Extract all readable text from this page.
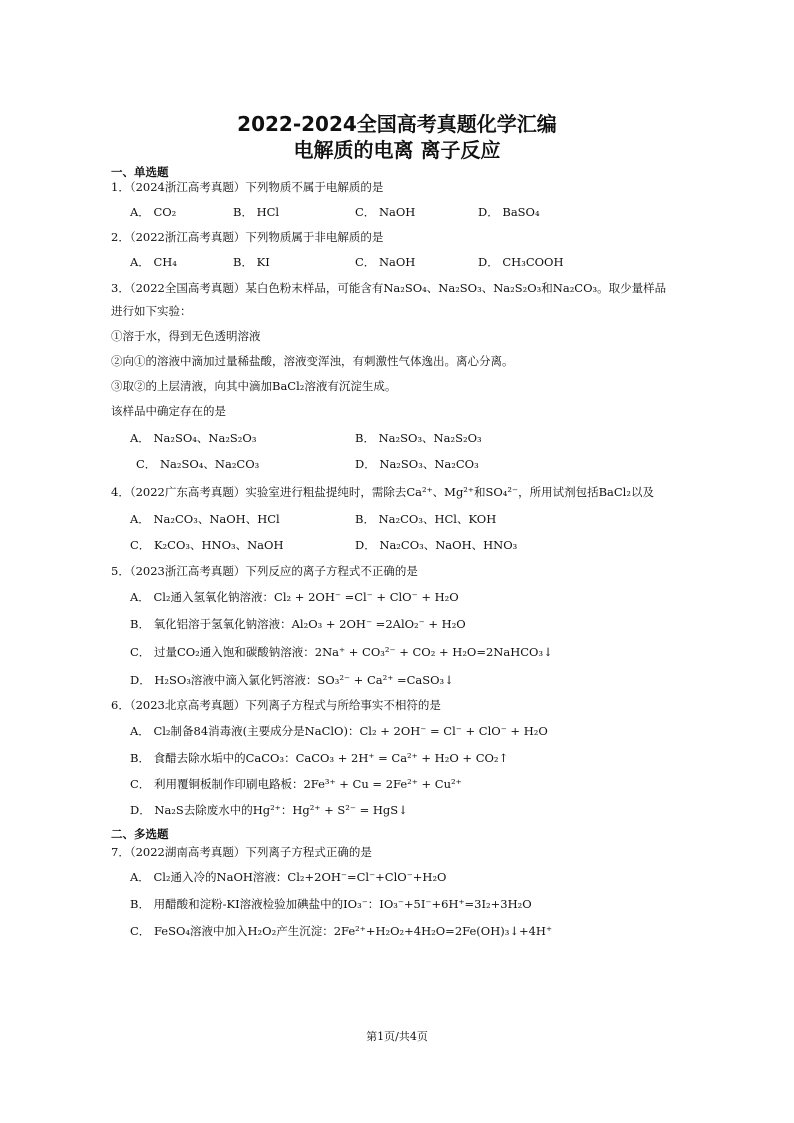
2022-2024全国高考真题化学汇编
电解质的电离 离子反应
一、单选题
1．（2024浙江高考真题）下列物质不属于电解质的是
A． CO₂	B． HCl	C． NaOH	D． BaSO₄
2．（2022浙江高考真题）下列物质属于非电解质的是
A． CH₄	B． KI	C． NaOH	D． CH₃COOH
3．（2022全国高考真题）某白色粉末样品，可能含有Na₂SO₄、Na₂SO₃、Na₂S₂O₃和Na₂CO₃。取少量样品
进行如下实验：
①溶于水，得到无色透明溶液
②向①的溶液中滴加过量稀盐酸，溶液变浑浊，有刺激性气体逸出。离心分离。
③取②的上层清液，向其中滴加BaCl₂溶液有沉淀生成。
该样品中确定存在的是
A． Na₂SO₄、Na₂S₂O₃	B． Na₂SO₃、Na₂S₂O₃
C． Na₂SO₄、Na₂CO₃	D． Na₂SO₃、Na₂CO₃
4．（2022广东高考真题）实验室进行粗盐提纯时，需除去Ca²⁺、Mg²⁺和SO₄²⁻，所用试剂包括BaCl₂以及
A． Na₂CO₃、NaOH、HCl	B． Na₂CO₃、HCl、KOH
C． K₂CO₃、HNO₃、NaOH	D． Na₂CO₃、NaOH、HNO₃
5．（2023浙江高考真题）下列反应的离子方程式不正确的是
A． Cl₂通入氢氧化钠溶液：Cl₂ + 2OH⁻ =Cl⁻ + ClO⁻ + H₂O
B． 氧化铝溶于氢氧化钠溶液：Al₂O₃ + 2OH⁻ =2AlO₂⁻ + H₂O
C． 过量CO₂通入饱和碳酸钠溶液：2Na⁺ + CO₃²⁻ + CO₂ + H₂O=2NaHCO₃↓
D． H₂SO₃溶液中滴入氯化钙溶液：SO₃²⁻ + Ca²⁺ =CaSO₃↓
6．（2023北京高考真题）下列离子方程式与所给事实不相符的是
A． Cl₂制备84消毒液(主要成分是NaClO)：Cl₂ + 2OH⁻ = Cl⁻ + ClO⁻ + H₂O
B． 食醋去除水垢中的CaCO₃：CaCO₃ + 2H⁺ = Ca²⁺ + H₂O + CO₂↑
C． 利用覆铜板制作印刷电路板：2Fe³⁺ + Cu = 2Fe²⁺ + Cu²⁺
D． Na₂S去除废水中的Hg²⁺：Hg²⁺ + S²⁻ = HgS↓
二、多选题
7．（2022湖南高考真题）下列离子方程式正确的是
A． Cl₂通入冷的NaOH溶液：Cl₂+2OH⁻=Cl⁻+ClO⁻+H₂O
B． 用醋酸和淀粉-KI溶液检验加碘盐中的IO₃⁻：IO₃⁻+5I⁻+6H⁺=3I₂+3H₂O
C． FeSO₄溶液中加入H₂O₂产生沉淀：2Fe²⁺+H₂O₂+4H₂O=2Fe(OH)₃↓+4H⁺
第1页/共4页
